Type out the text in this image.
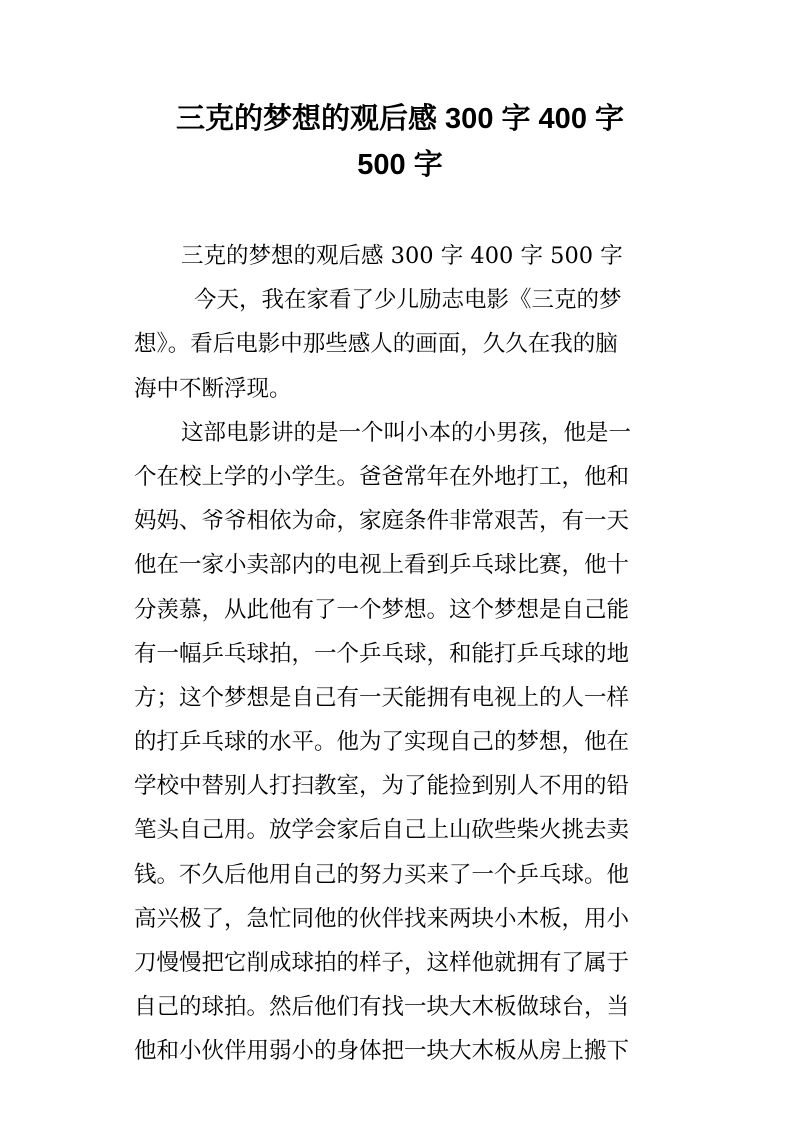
三克的梦想的观后感 300 字 400 字
500 字
三克的梦想的观后感 300 字 400 字 500 字
今天，我在家看了少儿励志电影《三克的梦
想》。看后电影中那些感人的画面，久久在我的脑
海中不断浮现。
这部电影讲的是一个叫小本的小男孩，他是一
个在校上学的小学生。爸爸常年在外地打工，他和
妈妈、爷爷相依为命，家庭条件非常艰苦，有一天
他在一家小卖部内的电视上看到乒乓球比赛，他十
分羡慕，从此他有了一个梦想。这个梦想是自己能
有一幅乒乓球拍，一个乒乓球，和能打乒乓球的地
方；这个梦想是自己有一天能拥有电视上的人一样
的打乒乓球的水平。他为了实现自己的梦想，他在
学校中替别人打扫教室，为了能捡到别人不用的铅
笔头自己用。放学会家后自己上山砍些柴火挑去卖
钱。不久后他用自己的努力买来了一个乒乓球。他
高兴极了，急忙同他的伙伴找来两块小木板，用小
刀慢慢把它削成球拍的样子，这样他就拥有了属于
自己的球拍。然后他们有找一块大木板做球台，当
他和小伙伴用弱小的身体把一块大木板从房上搬下
